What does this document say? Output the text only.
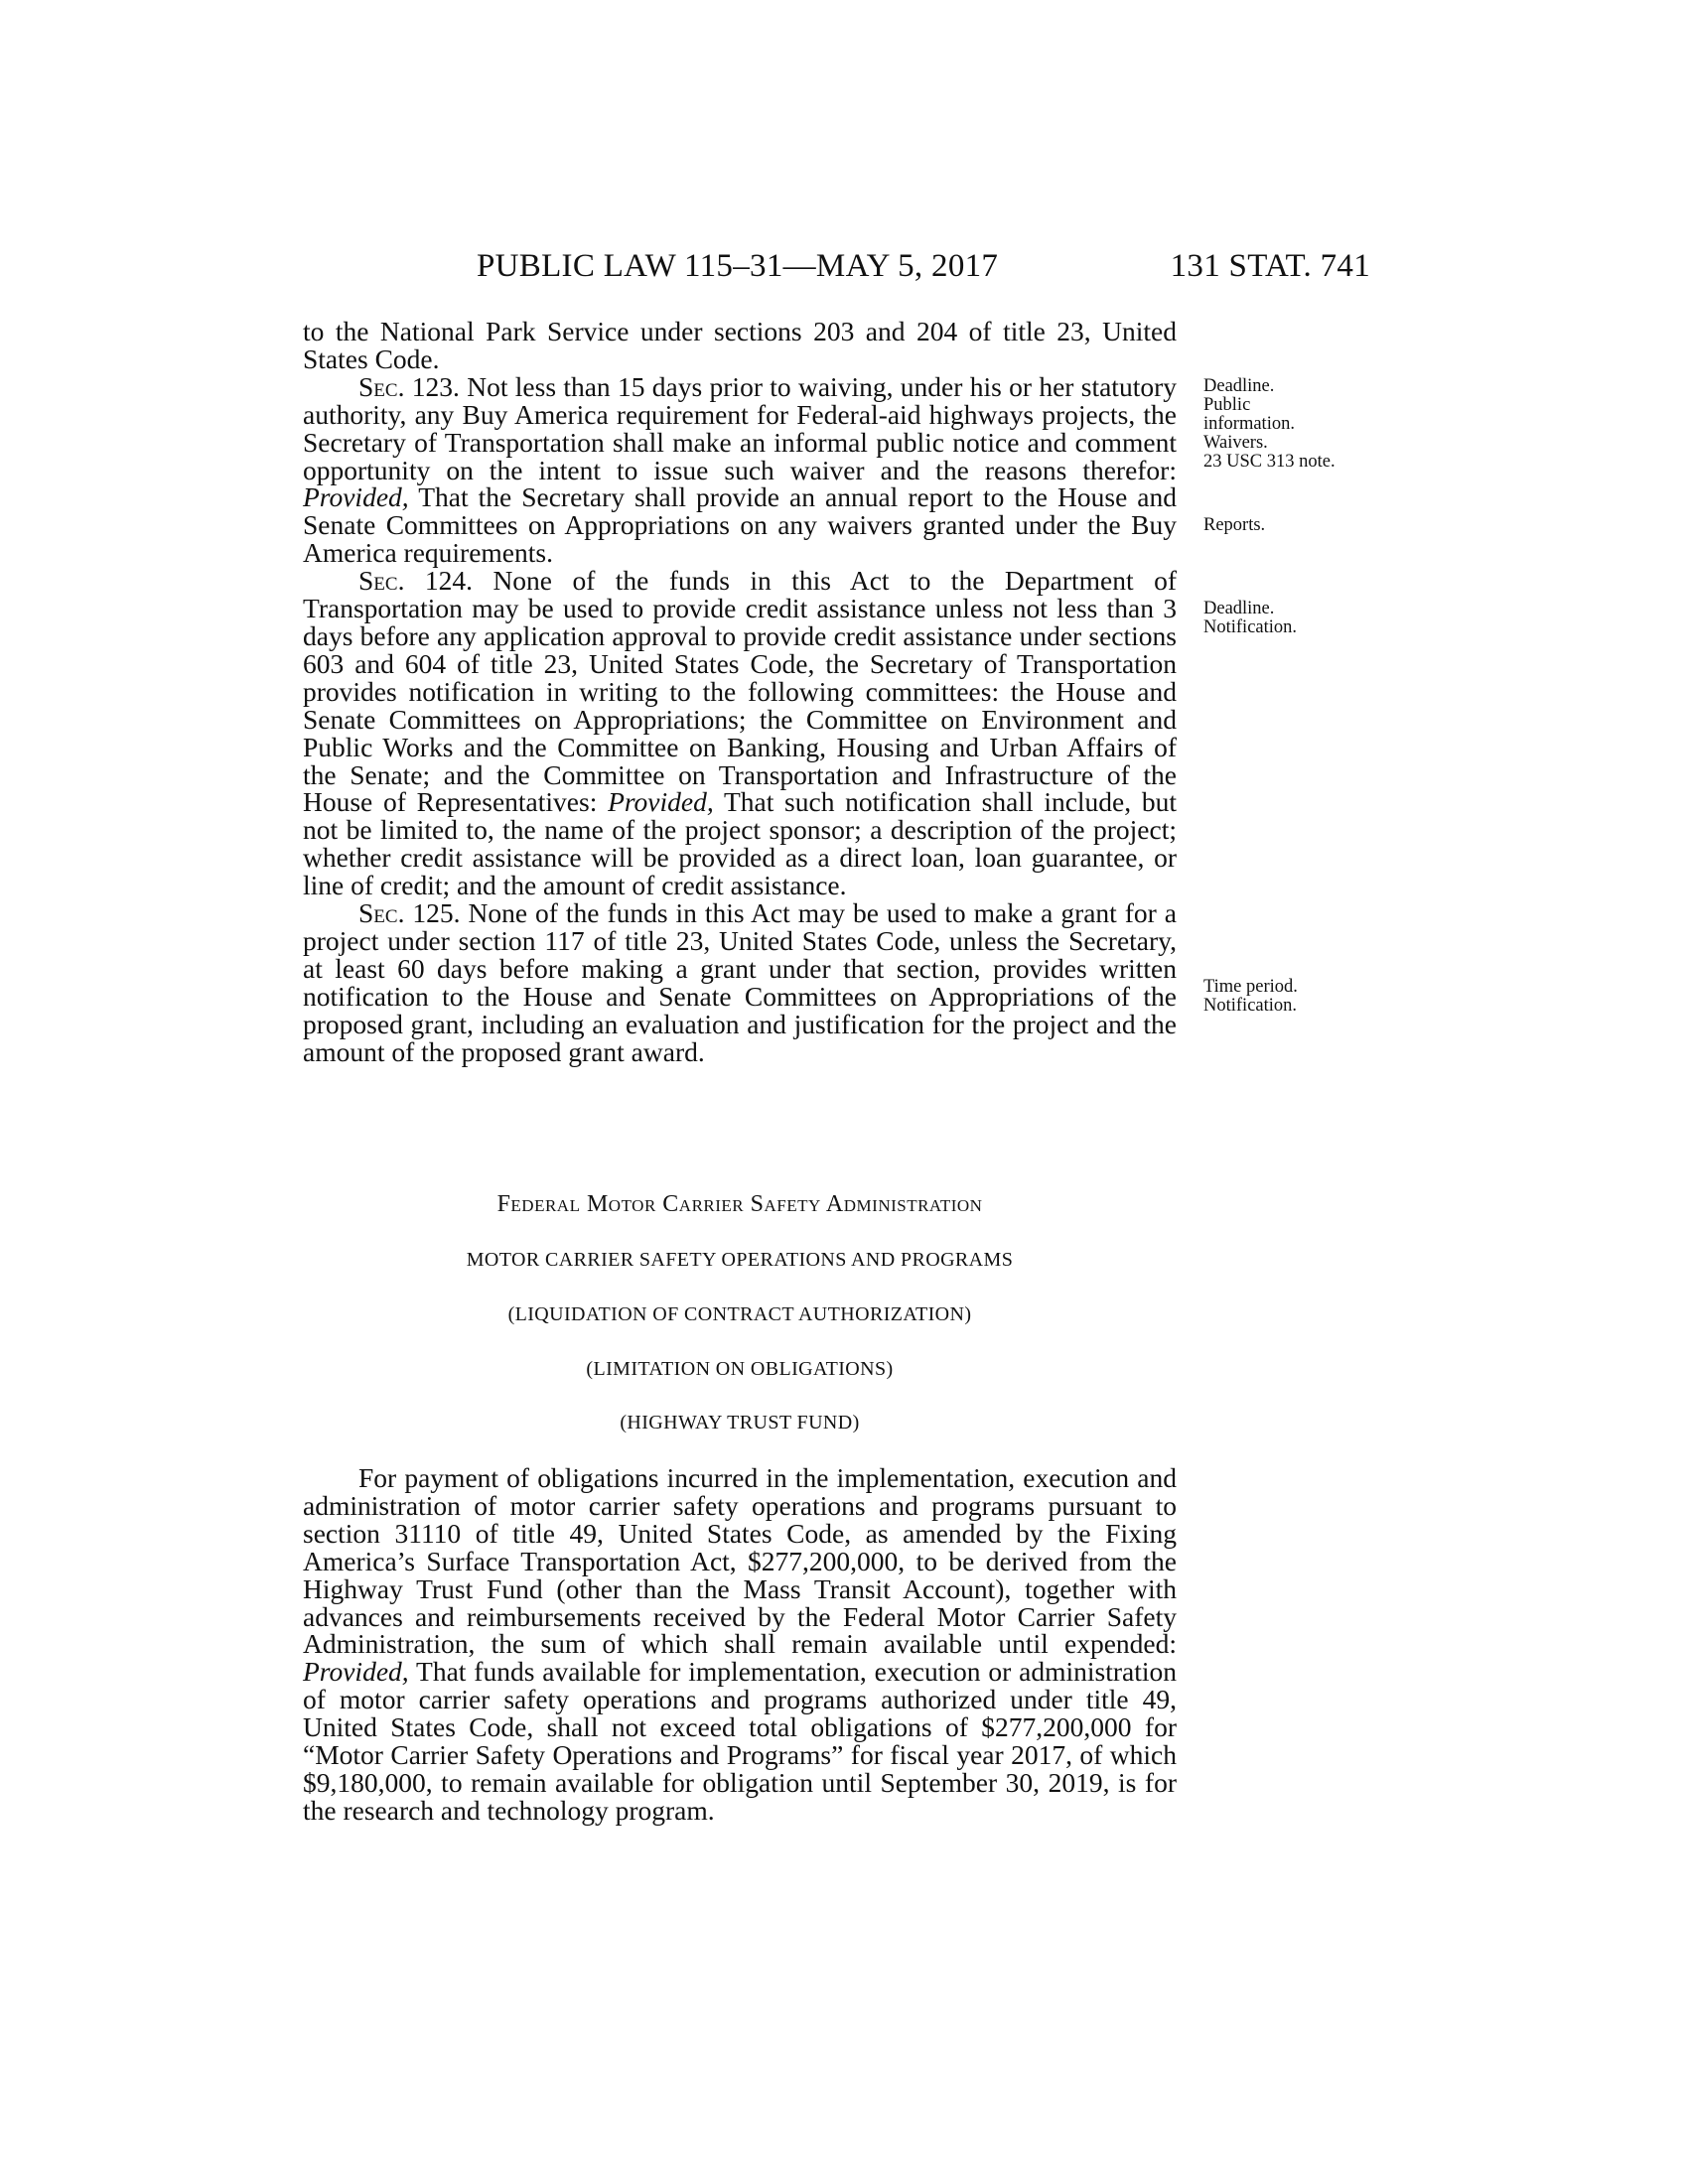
PUBLIC LAW 115–31—MAY 5, 2017	131 STAT. 741

to the National Park Service under sections 203 and 204 of title 23, United States Code.

Sec. 123. Not less than 15 days prior to waiving, under his or her statutory authority, any Buy America requirement for Federal-aid highways projects, the Secretary of Transportation shall make an informal public notice and comment opportunity on the intent to issue such waiver and the reasons therefor: Provided, That the Secretary shall provide an annual report to the House and Senate Committees on Appropriations on any waivers granted under the Buy America requirements.

Sec. 124. None of the funds in this Act to the Department of Transportation may be used to provide credit assistance unless not less than 3 days before any application approval to provide credit assistance under sections 603 and 604 of title 23, United States Code, the Secretary of Transportation provides notification in writing to the following committees: the House and Senate Committees on Appropriations; the Committee on Environment and Public Works and the Committee on Banking, Housing and Urban Affairs of the Senate; and the Committee on Transportation and Infrastructure of the House of Representatives: Provided, That such notification shall include, but not be limited to, the name of the project sponsor; a description of the project; whether credit assistance will be provided as a direct loan, loan guarantee, or line of credit; and the amount of credit assistance.

Sec. 125. None of the funds in this Act may be used to make a grant for a project under section 117 of title 23, United States Code, unless the Secretary, at least 60 days before making a grant under that section, provides written notification to the House and Senate Committees on Appropriations of the proposed grant, including an evaluation and justification for the project and the amount of the proposed grant award.

Deadline.
Public
information.
Waivers.
23 USC 313 note.
Reports.
Deadline.
Notification.
Time period.
Notification.
Federal Motor Carrier Safety Administration
MOTOR CARRIER SAFETY OPERATIONS AND PROGRAMS
(LIQUIDATION OF CONTRACT AUTHORIZATION)
(LIMITATION ON OBLIGATIONS)
(HIGHWAY TRUST FUND)

For payment of obligations incurred in the implementation, execution and administration of motor carrier safety operations and programs pursuant to section 31110 of title 49, United States Code, as amended by the Fixing America’s Surface Transportation Act, $277,200,000, to be derived from the Highway Trust Fund (other than the Mass Transit Account), together with advances and reimbursements received by the Federal Motor Carrier Safety Administration, the sum of which shall remain available until expended: Provided, That funds available for implementation, execution or administration of motor carrier safety operations and programs authorized under title 49, United States Code, shall not exceed total obligations of $277,200,000 for “Motor Carrier Safety Operations and Programs” for fiscal year 2017, of which $9,180,000, to remain available for obligation until September 30, 2019, is for the research and technology program.
